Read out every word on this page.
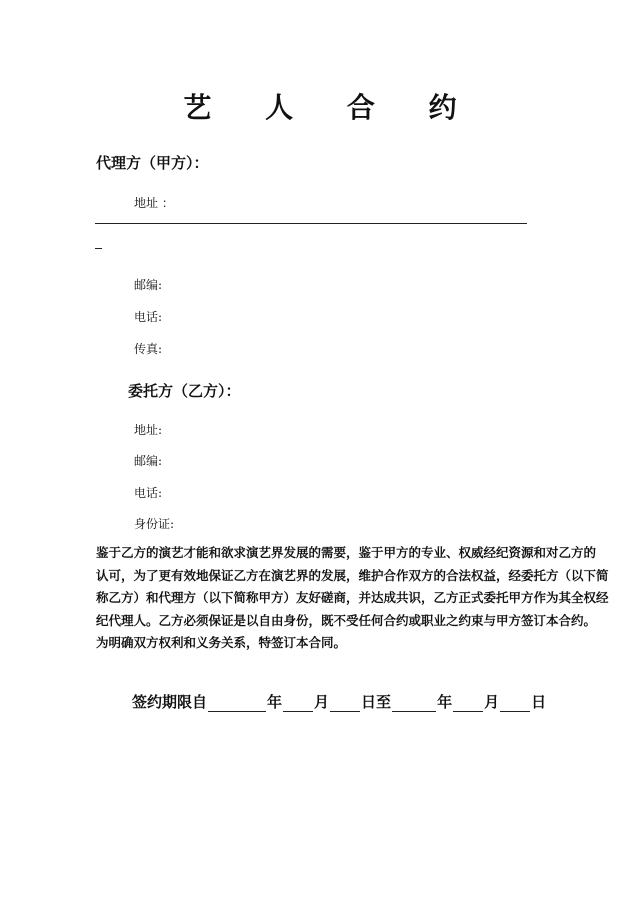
艺 人 合 约
代理方（甲方）：
地址 ：
邮编:
电话:
传真:
委托方（乙方）：
地址:
邮编:
电话:
身份证:
鉴于乙方的演艺才能和欲求演艺界发展的需要，鉴于甲方的专业、权威经纪资源和对乙方的
认可，为了更有效地保证乙方在演艺界的发展，维护合作双方的合法权益，经委托方（以下简
称乙方）和代理方（以下简称甲方）友好磋商，并达成共识，乙方正式委托甲方作为其全权经
纪代理人。乙方必须保证是以自由身份，既不受任何合约或职业之约束与甲方签订本合约。
为明确双方权利和义务关系，特签订本合同。
签约期限自	年 月 日至	年 月 日
